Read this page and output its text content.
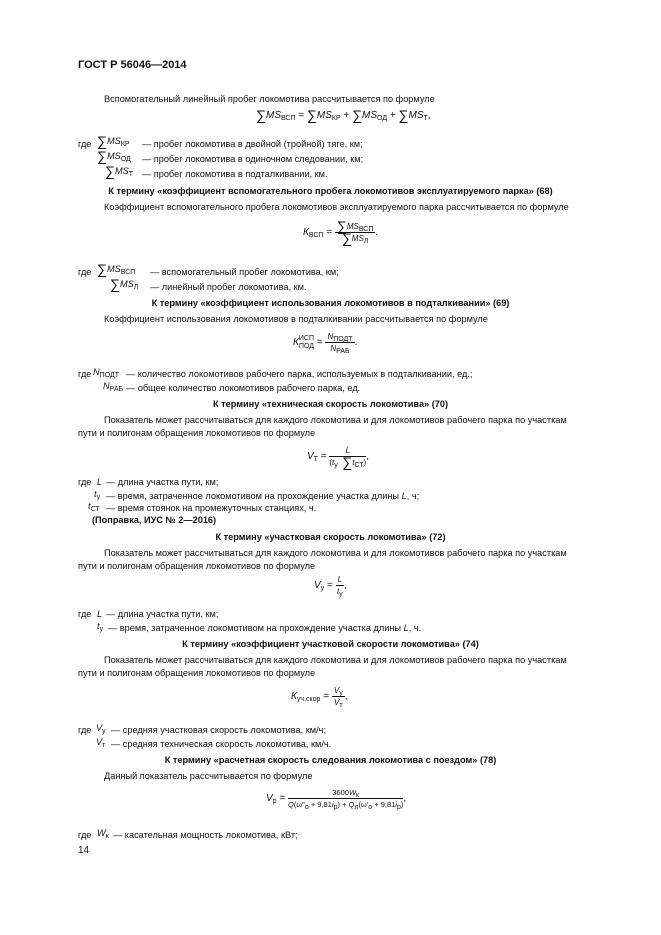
ГОСТ Р 56046—2014
Вспомогательный линейный пробег локомотива рассчитывается по формуле
$\sum MS_{ВСП} = \sum MS_{КР} + \sum MS_{ОД} + \sum MS_Т$,
где $\sum MS_{КР}$ — пробег локомотива в двойной (тройной) тяге, км;
$\sum MS_{ОД}$ — пробег локомотива в одиночном следовании, км;
$\sum MS_Т$ — пробег локомотива в подталкивании, км.
К термину «коэффициент вспомогательного пробега локомотивов эксплуатируемого парка» (68)
Коэффициент вспомогательного пробега локомотивов эксплуатируемого парка рассчитывается по формуле
$К_{ВСП} = \frac{\sum MS_{ВСП}}{\sum MS_Л}$ .
где $\sum MS_{ВСП}$ — вспомогательный пробег локомотива, км;
$\sum MS_Л$ — линейный пробег локомотива, км.
К термину «коэффициент использования локомотивов в подталкивании» (69)
Коэффициент использования локомотивов в подталкивании рассчитывается по формуле
КИСП
ПОД = $\frac{N_{ПОДТ}}{N_{РАБ}}$ .
где $N_{ПОДТ}$ — количество локомотивов рабочего парка, используемых в подталкивании, ед.;
$N_{РАБ}$ — общее количество локомотивов рабочего парка, ед.
К термину «техническая скорость локомотива» (70)
Показатель может рассчитываться для каждого локомотива и для локомотивов рабочего парка по участкам
пути и полигонам обращения локомотивов по формуле
$V_Т = \frac{L}{(t_у \sum t_{СТ})}$ ,
где L — длина участка пути, км;
$t_у$ — время, затраченное локомотивом на прохождение участка длины L, ч;
$t_{СТ}$ — время стоянок на промежуточных станциях, ч.
(Поправка, ИУС № 2—2016)
К термину «участковая скорость локомотива» (72)
Показатель может рассчитываться для каждого локомотива и для локомотивов рабочего парка по участкам
пути и полигонам обращения локомотивов по формуле
$V_у = \frac{L}{t_у}$ ,
где L — длина участка пути, км;
$t_у$ — время, затраченное локомотивом на прохождение участка длины L, ч.
К термину «коэффициент участковой скорости локомотива» (74)
Показатель может рассчитываться для каждого локомотива и для локомотивов рабочего парка по участкам
пути и полигонам обращения локомотивов по формуле
$К_{уч.скор} = \frac{V_у}{V_т}$ ,
где $V_у$ — средняя участковая скорость локомотива, км/ч;
$V_т$ — средняя техническая скорость локомотива, км/ч.
К термину «расчетная скорость следования локомотива с поездом» (78)
Данный показатель рассчитывается по формуле
$V_р = \frac{3600W_к}{Q(\omega''_о + 9,81i_р) + Q_л(\omega'_о + 9,81i_р)}$ ,
где $W_к$ — касательная мощность локомотива, кВт;
14
